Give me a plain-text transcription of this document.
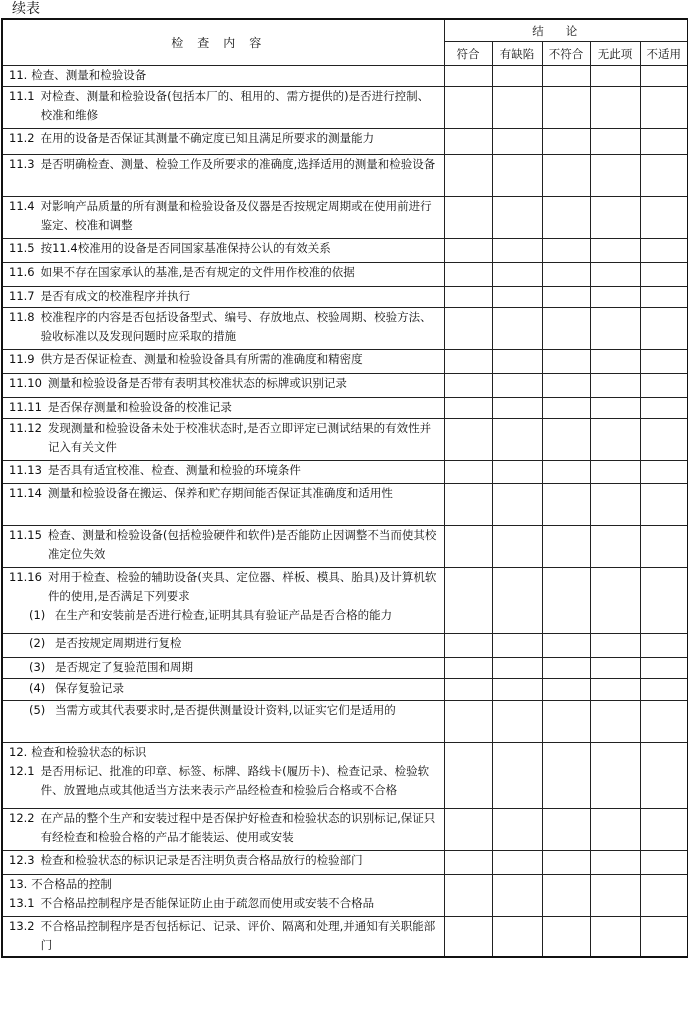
续表
检查内容	结论				
	符合	有缺陷	不符合	无此项	不适用

11. 检查、测量和检验设备					

11.1 对检查、测量和检验设备(包括本厂的、租用的、需方提供的)是否进行控制、校准和维修					

11.2 在用的设备是否保证其测量不确定度已知且满足所要求的测量能力					

11.3 是否明确检查、测量、检验工作及所要求的准确度,选择适用的测量和检验设备					

11.4 对影响产品质量的所有测量和检验设备及仪器是否按规定周期或在使用前进行鉴定、校准和调整					

11.5 按11.4校准用的设备是否同国家基准保持公认的有效关系					

11.6 如果不存在国家承认的基准,是否有规定的文件用作校准的依据					

11.7 是否有成文的校准程序并执行					

11.8 校准程序的内容是否包括设备型式、编号、存放地点、校验周期、校验方法、验收标准以及发现问题时应采取的措施					

11.9 供方是否保证检查、测量和检验设备具有所需的准确度和精密度					

11.10 测量和检验设备是否带有表明其校准状态的标牌或识别记录					

11.11 是否保存测量和检验设备的校准记录					

11.12 发现测量和检验设备未处于校准状态时,是否立即评定已测试结果的有效性并记入有关文件					

11.13 是否具有适宜校准、检查、测量和检验的环境条件					

11.14 测量和检验设备在搬运、保养和贮存期间能否保证其准确度和适用性					

11.15 检查、测量和检验设备(包括检验硬件和软件)是否能防止因调整不当而使其校准定位失效					

11.16 对用于检查、检验的辅助设备(夹具、定位器、样板、模具、胎具)及计算机软件的使用,是否满足下列要求
(1) 在生产和安装前是否进行检查,证明其具有验证产品是否合格的能力					

(2) 是否按规定周期进行复检					

(3) 是否规定了复验范围和周期					

(4) 保存复验记录					

(5) 当需方或其代表要求时,是否提供测量设计资料,以证实它们是适用的					

12. 检查和检验状态的标识
12.1 是否用标记、批准的印章、标签、标牌、路线卡(履历卡)、检查记录、检验软件、放置地点或其他适当方法来表示产品经检查和检验后合格或不合格					

12.2 在产品的整个生产和安装过程中是否保护好检查和检验状态的识别标记,保证只有经检查和检验合格的产品才能装运、使用或安装					

12.3 检查和检验状态的标识记录是否注明负责合格品放行的检验部门					

13. 不合格品的控制
13.1 不合格品控制程序是否能保证防止由于疏忽而使用或安装不合格品					

13.2 不合格品控制程序是否包括标记、记录、评价、隔离和处理,并通知有关职能部门					
